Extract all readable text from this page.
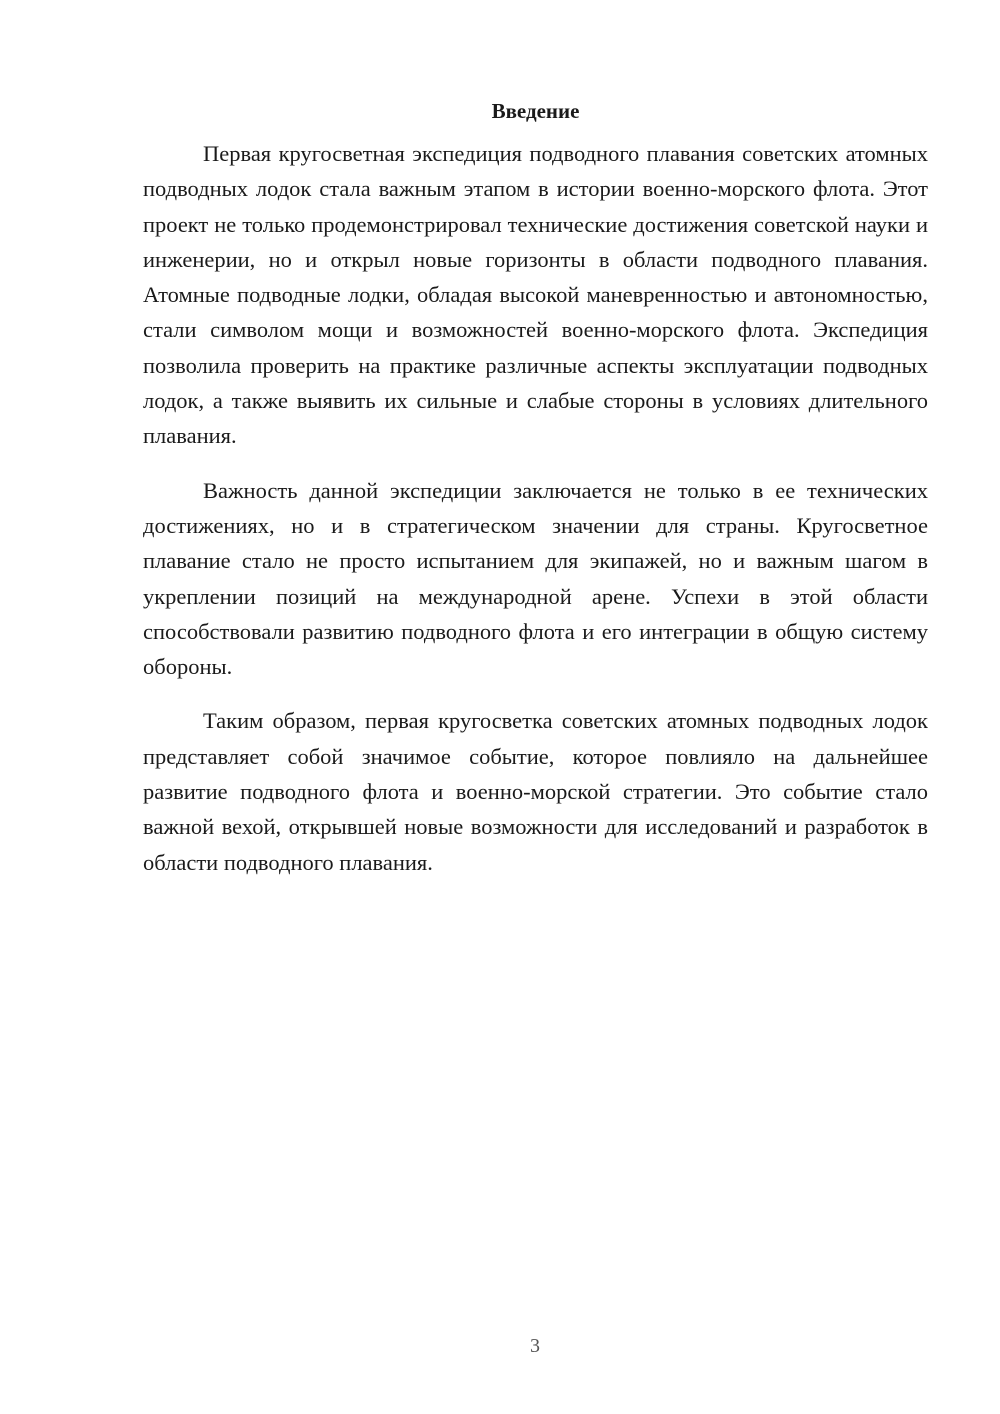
Введение

Первая кругосветная экспедиция подводного плавания советских атомных подводных лодок стала важным этапом в истории военно-морского флота. Этот проект не только продемонстрировал технические достижения советской науки и инженерии, но и открыл новые горизонты в области подводного плавания. Атомные подводные лодки, обладая высокой маневренностью и автономностью, стали символом мощи и возможностей военно-морского флота. Экспедиция позволила проверить на практике различные аспекты эксплуатации подводных лодок, а также выявить их сильные и слабые стороны в условиях длительного плавания.

Важность данной экспедиции заключается не только в ее технических достижениях, но и в стратегическом значении для страны. Кругосветное плавание стало не просто испытанием для экипажей, но и важным шагом в укреплении позиций на международной арене. Успехи в этой области способствовали развитию подводного флота и его интеграции в общую систему обороны.

Таким образом, первая кругосветка советских атомных подводных лодок представляет собой значимое событие, которое повлияло на дальнейшее развитие подводного флота и военно-морской стратегии. Это событие стало важной вехой, открывшей новые возможности для исследований и разработок в области подводного плавания.

3
